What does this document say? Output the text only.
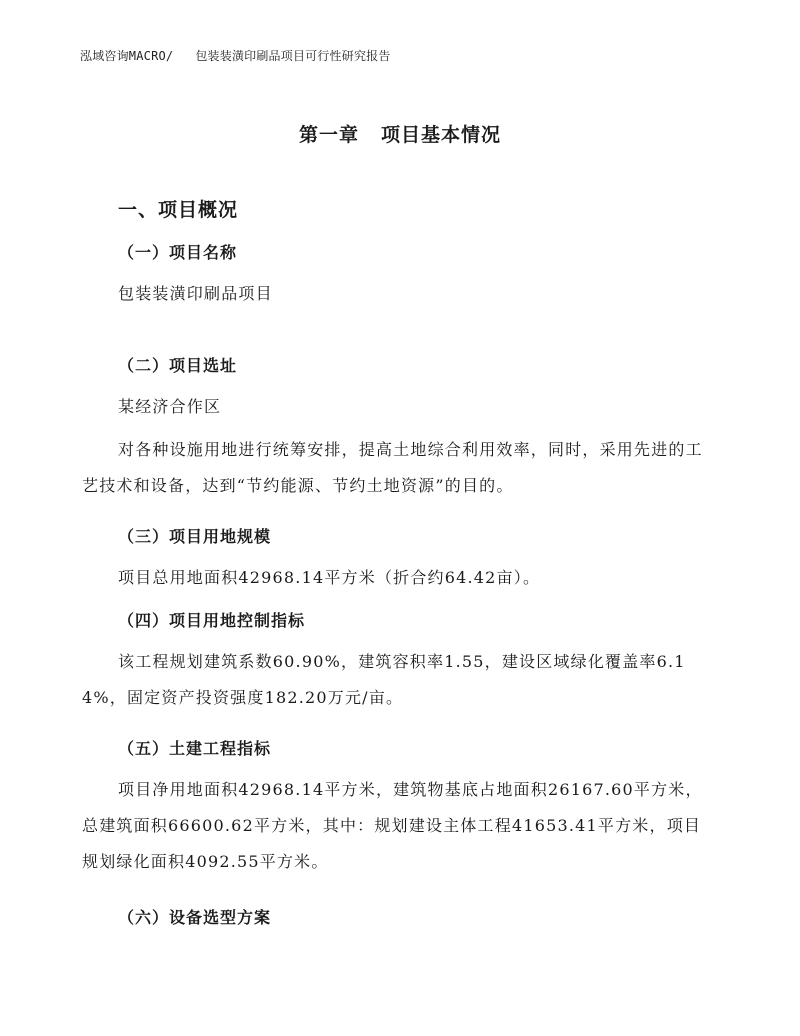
泓域咨询MACRO/ 包装装潢印刷品项目可行性研究报告
第一章 项目基本情况
一、项目概况
（一）项目名称
包装装潢印刷品项目
（二）项目选址
某经济合作区
对各种设施用地进行统筹安排，提高土地综合利用效率，同时，采用先进的工艺技术和设备，达到“节约能源、节约土地资源”的目的。
（三）项目用地规模
项目总用地面积42968.14平方米（折合约64.42亩）。
（四）项目用地控制指标
该工程规划建筑系数60.90%，建筑容积率1.55，建设区域绿化覆盖率6.14%，固定资产投资强度182.20万元/亩。
（五）土建工程指标
项目净用地面积42968.14平方米，建筑物基底占地面积26167.60平方米，总建筑面积66600.62平方米，其中：规划建设主体工程41653.41平方米，项目规划绿化面积4092.55平方米。
（六）设备选型方案
